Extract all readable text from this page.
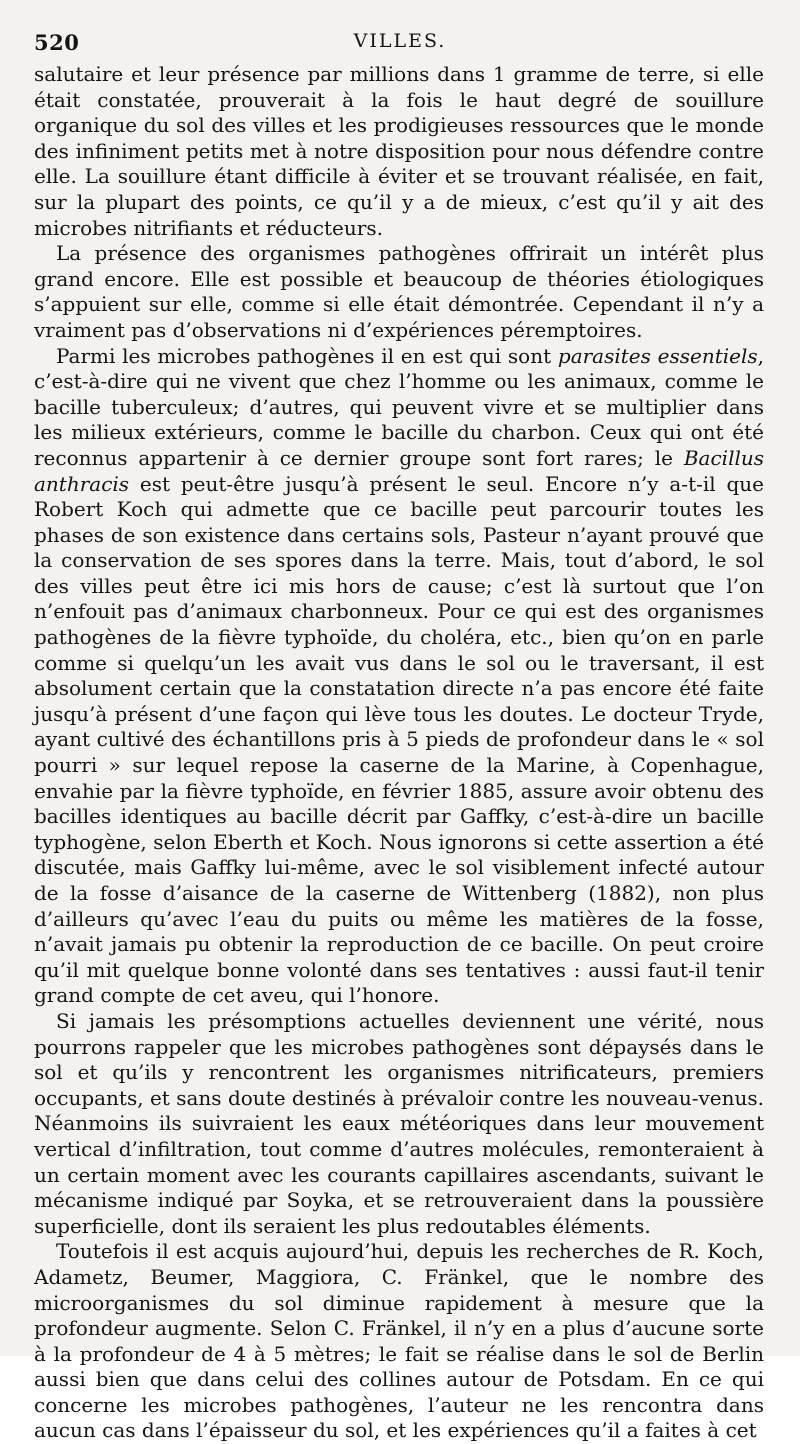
520	VILLES.

salutaire et leur présence par millions dans 1 gramme de terre, si elle était constatée, prouverait à la fois le haut degré de souillure organique du sol des villes et les prodigieuses ressources que le monde des infiniment petits met à notre disposition pour nous défendre contre elle. La souillure étant difficile à éviter et se trouvant réalisée, en fait, sur la plupart des points, ce qu’il y a de mieux, c’est qu’il y ait des microbes nitrifiants et réducteurs.

La présence des organismes pathogènes offrirait un intérêt plus grand encore. Elle est possible et beaucoup de théories étiologiques s’appuient sur elle, comme si elle était démontrée. Cependant il n’y a vraiment pas d’observations ni d’expériences péremptoires.

Parmi les microbes pathogènes il en est qui sont parasites essentiels, c’est-à-dire qui ne vivent que chez l’homme ou les animaux, comme le bacille tuberculeux; d’autres, qui peuvent vivre et se multiplier dans les milieux extérieurs, comme le bacille du charbon. Ceux qui ont été reconnus appartenir à ce dernier groupe sont fort rares; le Bacillus anthracis est peut-être jusqu’à présent le seul. Encore n’y a-t-il que Robert Koch qui admette que ce bacille peut parcourir toutes les phases de son existence dans certains sols, Pasteur n’ayant prouvé que la conservation de ses spores dans la terre. Mais, tout d’abord, le sol des villes peut être ici mis hors de cause; c’est là surtout que l’on n’enfouit pas d’animaux charbonneux. Pour ce qui est des organismes pathogènes de la fièvre typhoïde, du choléra, etc., bien qu’on en parle comme si quelqu’un les avait vus dans le sol ou le traversant, il est absolument certain que la constatation directe n’a pas encore été faite jusqu’à présent d’une façon qui lève tous les doutes. Le docteur Tryde, ayant cultivé des échantillons pris à 5 pieds de profondeur dans le « sol pourri » sur lequel repose la caserne de la Marine, à Copenhague, envahie par la fièvre typhoïde, en février 1885, assure avoir obtenu des bacilles identiques au bacille décrit par Gaffky, c’est-à-dire un bacille typhogène, selon Eberth et Koch. Nous ignorons si cette assertion a été discutée, mais Gaffky lui-même, avec le sol visiblement infecté autour de la fosse d’aisance de la caserne de Wittenberg (1882), non plus d’ailleurs qu’avec l’eau du puits ou même les matières de la fosse, n’avait jamais pu obtenir la reproduction de ce bacille. On peut croire qu’il mit quelque bonne volonté dans ses tentatives : aussi faut-il tenir grand compte de cet aveu, qui l’honore.

Si jamais les présomptions actuelles deviennent une vérité, nous pourrons rappeler que les microbes pathogènes sont dépaysés dans le sol et qu’ils y rencontrent les organismes nitrificateurs, premiers occupants, et sans doute destinés à prévaloir contre les nouveau-venus. Néanmoins ils suivraient les eaux météoriques dans leur mouvement vertical d’infiltration, tout comme d’autres molécules, remonteraient à un certain moment avec les courants capillaires ascendants, suivant le mécanisme indiqué par Soyka, et se retrouveraient dans la poussière superficielle, dont ils seraient les plus redoutables éléments.

Toutefois il est acquis aujourd’hui, depuis les recherches de R. Koch, Adametz, Beumer, Maggiora, C. Fränkel, que le nombre des microorganismes du sol diminue rapidement à mesure que la profondeur augmente. Selon C. Fränkel, il n’y en a plus d’aucune sorte à la profondeur de 4 à 5 mètres; le fait se réalise dans le sol de Berlin aussi bien que dans celui des collines autour de Potsdam. En ce qui concerne les microbes pathogènes, l’auteur ne les rencontra dans aucun cas dans l’épaisseur du sol, et les expériences qu’il a faites à cet
